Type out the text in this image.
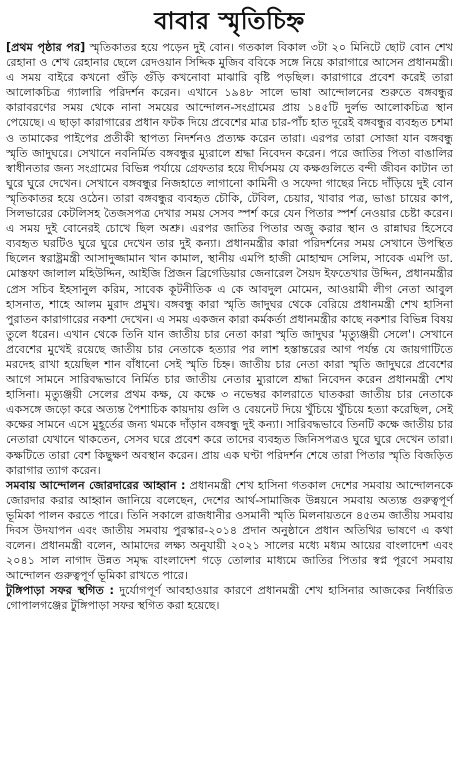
বাবার স্মৃতিচিহ্ন

[প্রথম পৃষ্ঠার পর] স্মৃতিকাতর হয়ে পড়েন দুই বোন। গতকাল বিকাল ৩টা ২০ মিনিটে ছোট বোন শেখ রেহানা ও শেখ রেহানার ছেলে রেদওয়ান সিদ্দিক মুজিব ববিকে সঙ্গে নিয়ে কারাগারে আসেন প্রধানমন্ত্রী। এ সময় বাইরে কখনো গুঁড়ি গুঁড়ি কখনোবা মাঝারি বৃষ্টি পড়ছিল। কারাগারে প্রবেশ করেই তারা আলোকচিত্র গ্যালারি পরিদর্শন করেন। এখানে ১৯৪৮ সালে ভাষা আন্দোলনের শুরুতে বঙ্গবন্ধুর কারাবরণের সময় থেকে নানা সময়ের আন্দোলন-সংগ্রামের প্রায় ১৪৫টি দুর্লভ আলোকচিত্র স্থান পেয়েছে। এ ছাড়া কারাগারের প্রধান ফটক দিয়ে প্রবেশের মাত্র চার-পাঁচ হাত দূরেই বঙ্গবন্ধুর ব্যবহৃত চশমা ও তামাকের পাইপের প্রতীকী স্থাপত্য নিদর্শনও প্রত্যক্ষ করেন তারা। এরপর তারা সোজা যান বঙ্গবন্ধু স্মৃতি জাদুঘরে। সেখানে নবনির্মিত বঙ্গবন্ধুর ম্যুরালে শ্রদ্ধা নিবেদন করেন। পরে জাতির পিতা বাঙালির স্বাধীনতার জন্য সংগ্রামের বিভিন্ন পর্যায়ে গ্রেফতার হয়ে দীর্ঘসময় যে কক্ষগুলিতে বন্দী জীবন কাটান তা ঘুরে ঘুরে দেখেন। সেখানে বঙ্গবন্ধুর নিজহাতে লাগানো কামিনী ও সফেদা গাছের নিচে দাঁড়িয়ে দুই বোন স্মৃতিকাতর হয়ে ওঠেন। তারা বঙ্গবন্ধুর ব্যবহৃত চৌকি, টেবিল, চেয়ার, খাবার পত্র, ভাঙা চায়ের কাপ, সিলভারের কেটলিসহ তৈজসপত্র দেখার সময় সেসব স্পর্শ করে যেন পিতার স্পর্শ নেওয়ার চেষ্টা করেন। এ সময় দুই বোনেরই চোখে ছিল অশ্রু। এরপর জাতির পিতার অজু করার স্থান ও রান্নাঘর হিসেবে ব্যবহৃত ঘরটিও ঘুরে ঘুরে দেখেন তার দুই কন্যা। প্রধানমন্ত্রীর কারা পরিদর্শনের সময় সেখানে উপস্থিত ছিলেন স্বরাষ্ট্রমন্ত্রী আসাদুজ্জামান খান কামাল, স্থানীয় এমপি হাজী মোহাম্মদ সেলিম, সাবেক এমপি ডা. মোস্তফা জালাল মহিউদ্দিন, আইজি প্রিজন ব্রিগেডিয়ার জেনারেল সৈয়দ ইফতেখার উদ্দিন, প্রধানমন্ত্রীর প্রেস সচিব ইহসানুল করিম, সাবেক কূটনীতিক এ কে আবদুল মোমেন, আওয়ামী লীগ নেতা আবুল হাসনাত, শাহে আলম মুরাদ প্রমুখ। বঙ্গবন্ধু কারা স্মৃতি জাদুঘর থেকে বেরিয়ে প্রধানমন্ত্রী শেখ হাসিনা পুরাতন কারাগারের নকশা দেখেন। এ সময় একজন কারা কর্মকর্তা প্রধানমন্ত্রীর কাছে নকশার বিভিন্ন বিষয় তুলে ধরেন। এখান থেকে তিনি যান জাতীয় চার নেতা কারা স্মৃতি জাদুঘর 'মৃত্যুঞ্জয়ী সেলে'। সেখানে প্রবেশের মুখেই রয়েছে জাতীয় চার নেতাকে হত্যার পর লাশ হস্তান্তরের আগ পর্যন্ত যে জায়গাটিতে মরদেহ রাখা হয়েছিল শান বাঁধানো সেই স্মৃতি চিহ্ন। জাতীয় চার নেতা কারা স্মৃতি জাদুঘরে প্রবেশের আগে সামনে সারিবদ্ধভাবে নির্মিত চার জাতীয় নেতার ম্যুরালে শ্রদ্ধা নিবেদন করেন প্রধানমন্ত্রী শেখ হাসিনা। মৃত্যুঞ্জয়ী সেলের প্রথম কক্ষ, যে কক্ষে ৩ নভেম্বর কালরাতে ঘাতকরা জাতীয় চার নেতাকে একসঙ্গে জড়ো করে অত্যন্ত পৈশাচিক কায়দায় গুলি ও বেয়নেট দিয়ে খুঁচিয়ে খুঁচিয়ে হত্যা করেছিল, সেই কক্ষের সামনে এসে মুহূর্তের জন্য থমকে দাঁড়ান বঙ্গবন্ধু দুই কন্যা। সারিবদ্ধভাবে তিনটি কক্ষে জাতীয় চার নেতারা যেখানে থাকতেন, সেসব ঘরে প্রবেশ করে তাদের ব্যবহৃত জিনিসপত্রও ঘুরে ঘুরে দেখেন তারা। কক্ষটিতে তারা বেশ কিছুক্ষণ অবস্থান করেন। প্রায় এক ঘণ্টা পরিদর্শন শেষে তারা পিতার স্মৃতি বিজড়িত কারাগার ত্যাগ করেন।

সমবায় আন্দোলন জোরদারের আহ্বান : প্রধানমন্ত্রী শেখ হাসিনা গতকাল দেশের সমবায় আন্দোলনকে জোরদার করার আহ্বান জানিয়ে বলেছেন, দেশের আর্থ-সামাজিক উন্নয়নে সমবায় অত্যন্ত গুরুত্বপূর্ণ ভূমিকা পালন করতে পারে। তিনি সকালে রাজধানীর ওসমানী স্মৃতি মিলনায়তনে ৪৫তম জাতীয় সমবায় দিবস উদযাপন এবং জাতীয় সমবায় পুরস্কার-২০১৪ প্রদান অনুষ্ঠানে প্রধান অতিথির ভাষণে এ কথা বলেন। প্রধানমন্ত্রী বলেন, আমাদের লক্ষ্য অনুযায়ী ২০২১ সালের মধ্যে মধ্যম আয়ের বাংলাদেশ এবং ২০৪১ সাল নাগাদ উন্নত সমৃদ্ধ বাংলাদেশ গড়ে তোলার মাধ্যমে জাতির পিতার স্বপ্ন পূরণে সমবায় আন্দোলন গুরুত্বপূর্ণ ভূমিকা রাখতে পারে।

টুঙ্গিপাড়া সফর স্থগিত : দুর্যোগপূর্ণ আবহাওয়ার কারণে প্রধানমন্ত্রী শেখ হাসিনার আজকের নির্ধারিত গোপালগঞ্জের টুঙ্গিপাড়া সফর স্থগিত করা হয়েছে।
